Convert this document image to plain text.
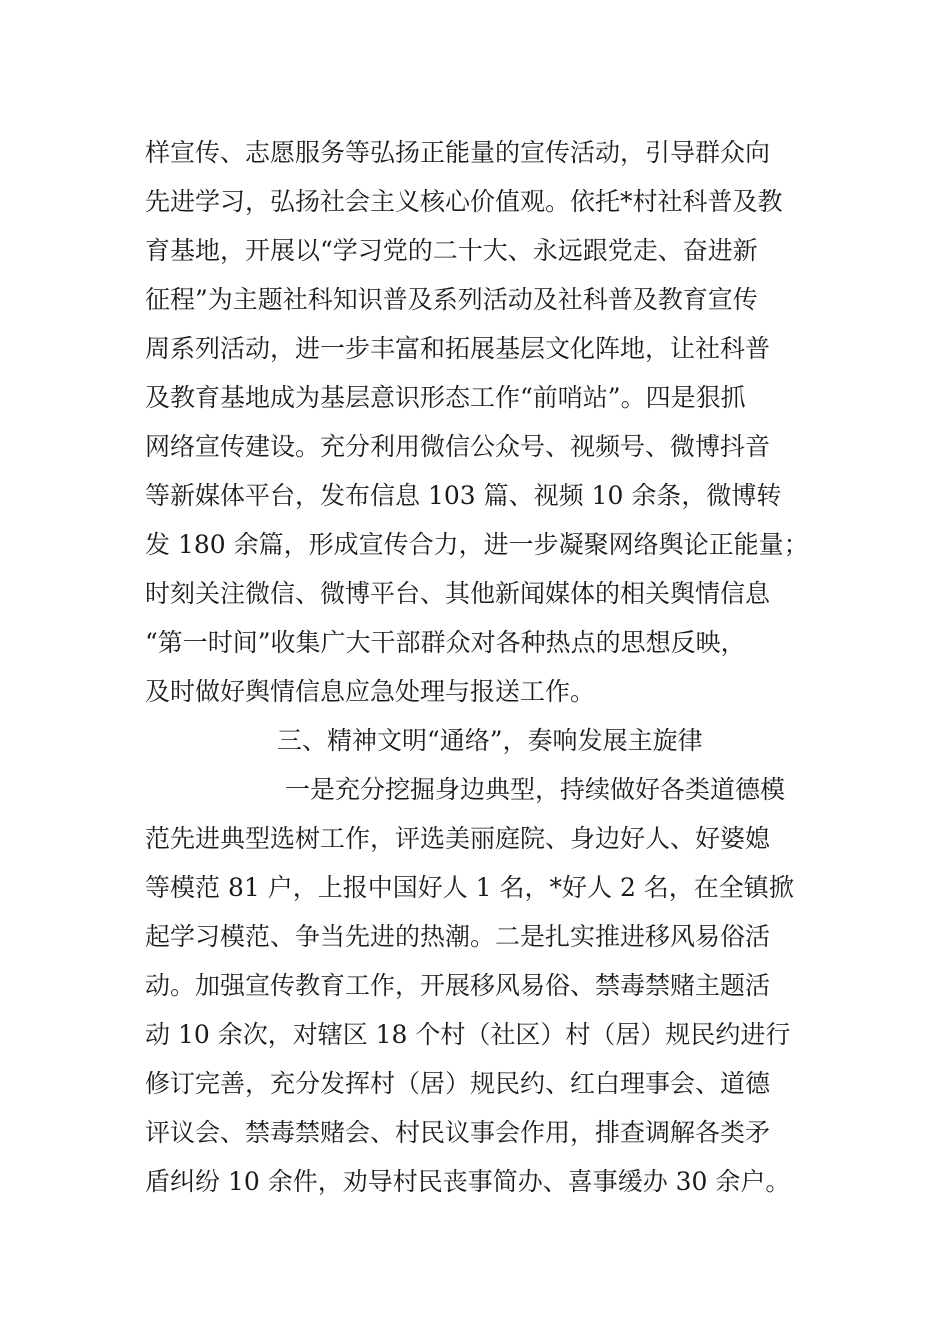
样宣传、志愿服务等弘扬正能量的宣传活动，引导群众向
先进学习，弘扬社会主义核心价值观。依托*村社科普及教
育基地，开展以“学习党的二十大、永远跟党走、奋进新
征程”为主题社科知识普及系列活动及社科普及教育宣传
周系列活动，进一步丰富和拓展基层文化阵地，让社科普
及教育基地成为基层意识形态工作“前哨站”。四是狠抓
网络宣传建设。充分利用微信公众号、视频号、微博抖音
等新媒体平台，发布信息 103 篇、视频 10 余条，微博转
发 180 余篇，形成宣传合力，进一步凝聚网络舆论正能量；
时刻关注微信、微博平台、其他新闻媒体的相关舆情信息
“第一时间”收集广大干部群众对各种热点的思想反映，
及时做好舆情信息应急处理与报送工作。
三、精神文明“通络”，奏响发展主旋律
一是充分挖掘身边典型，持续做好各类道德模
范先进典型选树工作，评选美丽庭院、身边好人、好婆媳
等模范 81 户，上报中国好人 1 名，*好人 2 名，在全镇掀
起学习模范、争当先进的热潮。二是扎实推进移风易俗活
动。加强宣传教育工作，开展移风易俗、禁毒禁赌主题活
动 10 余次，对辖区 18 个村（社区）村（居）规民约进行
修订完善，充分发挥村（居）规民约、红白理事会、道德
评议会、禁毒禁赌会、村民议事会作用，排查调解各类矛
盾纠纷 10 余件，劝导村民丧事简办、喜事缓办 30 余户。
